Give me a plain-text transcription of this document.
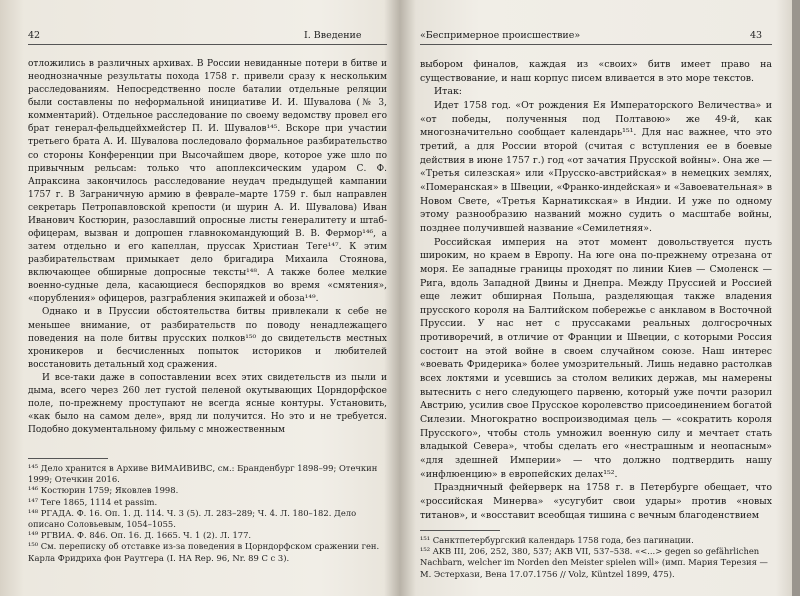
42	I. Введение

отложились в различных архивах. В России невиданные потери в битве и неоднозначные результаты похода 1758 г. привели сразу к нескольким расследованиям. Непосредственно после баталии отдельные реляции были составлены по неформальной инициативе И. И. Шувалова (№ 3, комментарий). Отдельное расследование по своему ведомству провел его брат генерал-фельдцейхмейстер П. И. Шувалов¹⁴⁵. Вскоре при участии третьего брата А. И. Шувалова последовало формальное разбирательство со стороны Конференции при Высочайшем дворе, которое уже шло по привычным рельсам: только что апоплексическим ударом С. Ф. Апраксина закончилось расследование неудач предыдущей кампании 1757 г. В Заграничную армию в феврале–марте 1759 г. был направлен секретарь Петропавловской крепости (и шурин А. И. Шувалова) Иван Иванович Костюрин, разославший опросные листы генералитету и штаб-офицерам, вызван и допрошен главнокомандующий В. В. Фермор¹⁴⁶, а затем отдельно и его капеллан, пруссак Христиан Теге¹⁴⁷. К этим разбирательствам примыкает дело бригадира Михаила Стоянова, включающее обширные допросные тексты¹⁴⁸. А также более мелкие военно-судные дела, касающиеся беспорядков во время «смятения», «порубления» офицеров, разграбления экипажей и обоза¹⁴⁹.

Однако и в Пруссии обстоятельства битвы привлекали к себе не меньшее внимание, от разбирательств по поводу ненадлежащего поведения на поле битвы прусских полков¹⁵⁰ до свидетельств местных хроникеров и бесчисленных попыток историков и любителей восстановить детальный ход сражения.

И все-таки даже в сопоставлении всех этих свидетельств из пыли и дыма, всего через 260 лет густой пеленой окутывающих Цорндорфское поле, по-прежнему проступают не всегда ясные контуры. Установить, «как было на самом деле», вряд ли получится. Но это и не требуется. Подобно документальному фильму с множественным

¹⁴⁵ Дело хранится в Архиве ВИМАИВИВС, см.: Бранденбург 1898–99; Отечкин 1999; Отечкин 2016.

¹⁴⁶ Костюрин 1759; Яковлев 1998.

¹⁴⁷ Теге 1865, 1114 et passim.

¹⁴⁸ РГАДА. Ф. 16. Оп. 1. Д. 114. Ч. 3 (5). Л. 283–289; Ч. 4. Л. 180–182. Дело описано Соловьевым, 1054–1055.

¹⁴⁹ РГВИА. Ф. 846. Оп. 16. Д. 1665. Ч. 1 (2). Л. 177.

¹⁵⁰ См. переписку об отставке из-за поведения в Цорндорфском сражении ген. Карла Фридриха фон Раутгера (I. HA Rep. 96, Nr. 89 C c 3).

«Беспримерное происшествие»	43

выбором финалов, каждая из «своих» битв имеет право на существование, и наш корпус писем вливается в это море текстов.

Итак:

Идет 1758 год. «От рождения Ея Императорского Величества» и «от победы, полученныя под Полтавою» же 49-й, как многозначительно сообщает календарь¹⁵¹. Для нас важнее, что это третий, а для России второй (считая с вступления ее в боевые действия в июне 1757 г.) год «от зачатия Прусской войны». Она же — «Третья силезская» или «Прусско-австрийская» в немецких землях, «Померанская» в Швеции, «Франко-индейская» и «Завоевательная» в Новом Свете, «Третья Карнатикская» в Индии. И уже по одному этому разнообразию названий можно судить о масштабе войны, позднее получившей название «Семилетняя».

Российская империя на этот момент довольствуется пусть широким, но краем в Европу. На юге она по-прежнему отрезана от моря. Ее западные границы проходят по линии Киев — Смоленск — Рига, вдоль Западной Двины и Днепра. Между Пруссией и Россией еще лежит обширная Польша, разделяющая также владения прусского короля на Балтийском побережье с анклавом в Восточной Пруссии. У нас нет с пруссаками реальных долгосрочных противоречий, в отличие от Франции и Швеции, с которыми Россия состоит на этой войне в своем случайном союзе. Наш интерес «воевать Фридерика» более умозрительный. Лишь недавно растолкав всех локтями и усевшись за столом великих держав, мы намерены вытеснить с него следующего парвеню, который уже почти разорил Австрию, усилив свое Прусское королевство присоединением богатой Силезии. Многократно воспроизводимая цель — «сократить короля Прусского», чтобы столь умножил военную силу и мечтает стать владыкой Севера», чтобы сделать его «нестрашным и неопасным» «для здешней Империи» — что должно подтвердить нашу «инфлюенцию» в европейских делах¹⁵².

Праздничный фейерверк на 1758 г. в Петербурге обещает, что «российская Минерва» «усугубит свои удары» против «новых титанов», и «восставит всеобщая тишина с вечным благоденствием

¹⁵¹ Санктпетербургский календарь 1758 года, без пагинации.

¹⁵² AKB III, 206, 252, 380, 537; AKB VII, 537–538. «<...> gegen so gefährlichen Nachbarn, welcher im Norden den Meister spielen will» (имп. Мария Терезия — М. Эстерхази, Вена 17.07.1756 // Volz, Küntzel 1899, 475).
